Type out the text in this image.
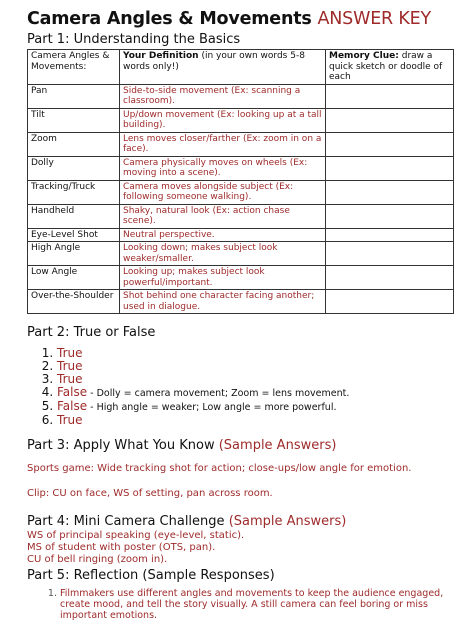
Camera Angles & Movements ANSWER KEY

Part 1: Understanding the Basics

Camera Angles & Movements:	Your Definition (in your own words 5-8 words only!)	Memory Clue: draw a quick sketch or doodle of each
Pan	Side-to-side movement (Ex: scanning a classroom).	
Tilt	Up/down movement (Ex: looking up at a tall building).	
Zoom	Lens moves closer/farther (Ex: zoom in on a face).	
Dolly	Camera physically moves on wheels (Ex: moving into a scene).	
Tracking/Truck	Camera moves alongside subject (Ex: following someone walking).	
Handheld	Shaky, natural look (Ex: action chase scene).	
Eye-Level Shot	Neutral perspective.	
High Angle	Looking down; makes subject look weaker/smaller.	
Low Angle	Looking up; makes subject look powerful/important.	
Over-the-Shoulder	Shot behind one character facing another; used in dialogue.	

Part 2: True or False

1. True
2. True
3. True
4. False - Dolly = camera movement; Zoom = lens movement.
5. False - High angle = weaker; Low angle = more powerful.
6. True

Part 3: Apply What You Know (Sample Answers)

Sports game: Wide tracking shot for action; close-ups/low angle for emotion.

Clip: CU on face, WS of setting, pan across room.

Part 4: Mini Camera Challenge (Sample Answers)

WS of principal speaking (eye-level, static).

MS of student with poster (OTS, pan).

CU of bell ringing (zoom in).

Part 5: Reflection (Sample Responses)

1. Filmmakers use different angles and movements to keep the audience engaged, create mood, and tell the story visually. A still camera can feel boring or miss important emotions.
